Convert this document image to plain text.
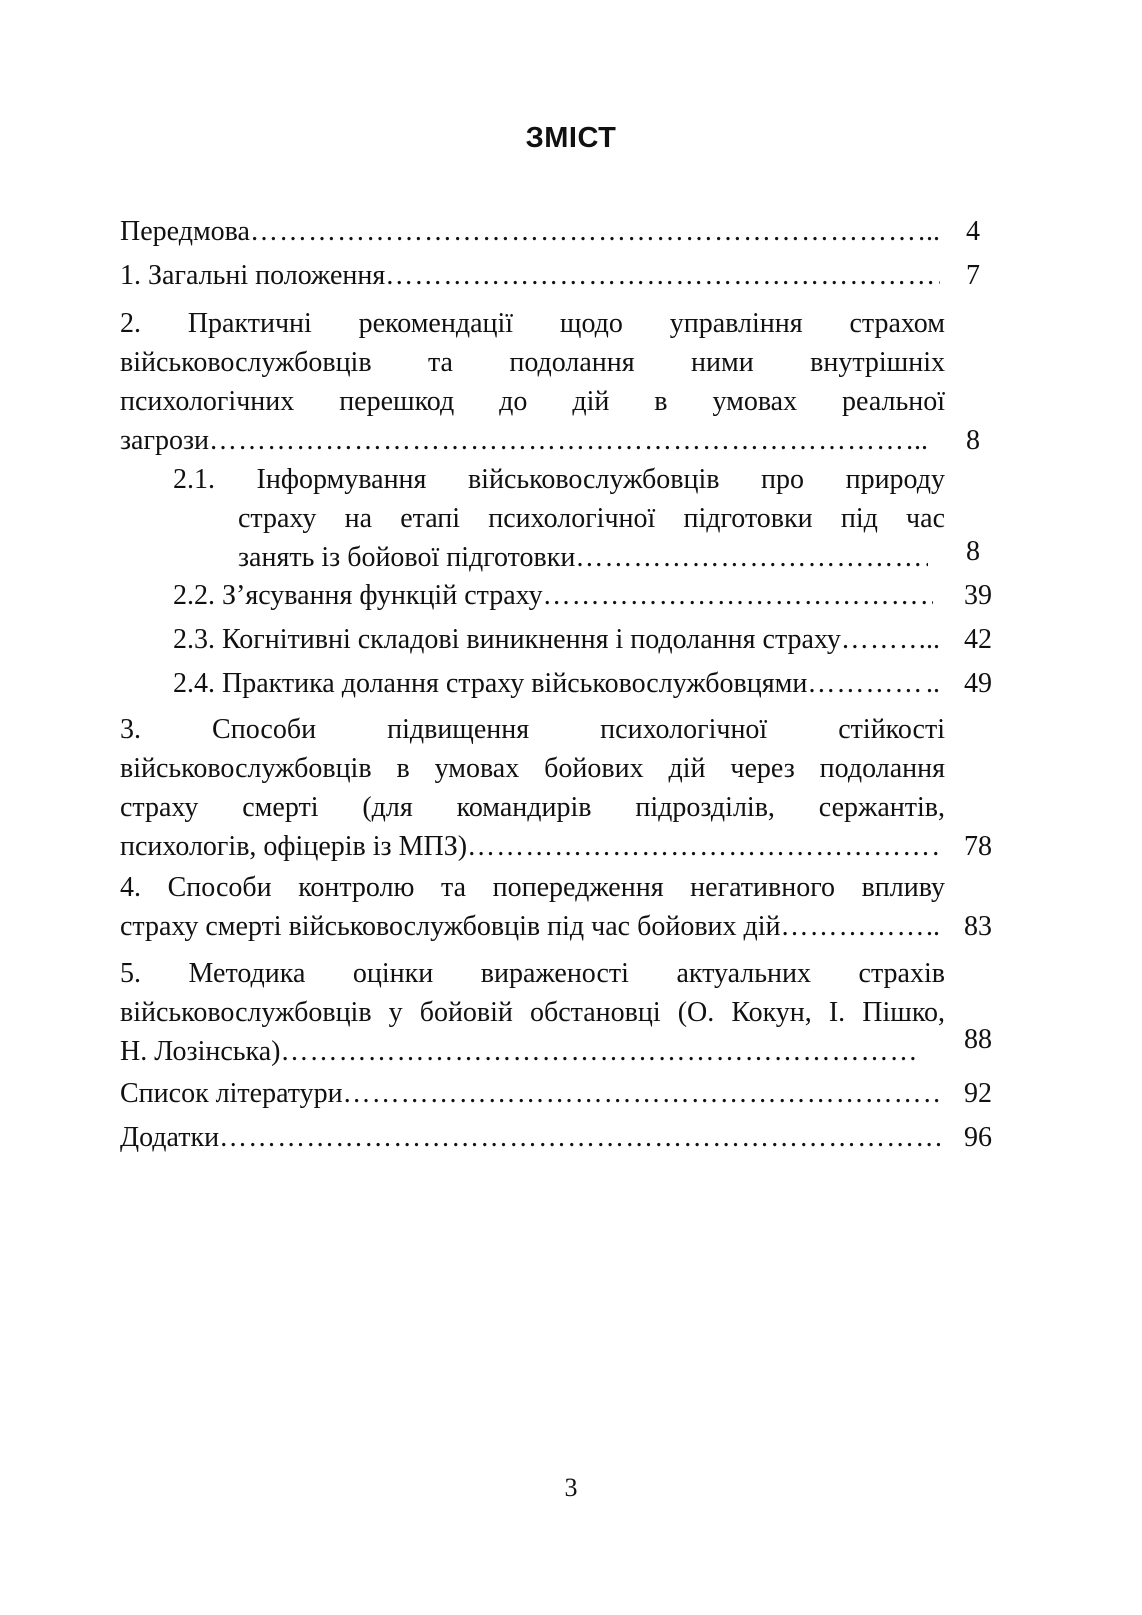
ЗМІСТ
Передмова …………………………………………………………………………………………………………………………………	.. 4
1. Загальні положення …………………………………………………………………………………………………………………………………	7
2. Практичні рекомендації щодо управління страхом
військовослужбовців та подолання ними внутрішніх
психологічних перешкод до дій в умовах реальної
загрози …………………………………………………………………………………………………………………………………	..	8
2.1. Інформування військовослужбовців про природу
страху на етапі психологічної підготовки під час
занять із бойової підготовки …………………………………………………………………………………………………………………………………	8
2.2. З’ясування функцій страху …………………………………………………………………………………………………………………………………	39
2.3. Когнітивні складові виникнення і подолання страху …………………………………………………………………………………………………………………………………	.. 42
2.4. Практика долання страху військовослужбовцями …………………………………………………………………………………………………………………………………	.. 49
3. Способи підвищення психологічної стійкості
військовослужбовців в умовах бойових дій через подолання
страху смерті (для командирів підрозділів, сержантів,
психологів, офіцерів із МПЗ) …………………………………………………………………………………………………………………………………	78
4. Способи контролю та попередження негативного впливу
страху смерті військовослужбовців під час бойових дій …………………………………………………………………………………………………………………………………	.. 83
5. Методика оцінки вираженості актуальних страхів
військовослужбовців у бойовій обстановці (О. Кокун, І. Пішко,
Н. Лозінська) …………………………………………………………………………………………………………………………………	88
Список літератури …………………………………………………………………………………………………………………………………	92
Додатки …………………………………………………………………………………………………………………………………	96
3
